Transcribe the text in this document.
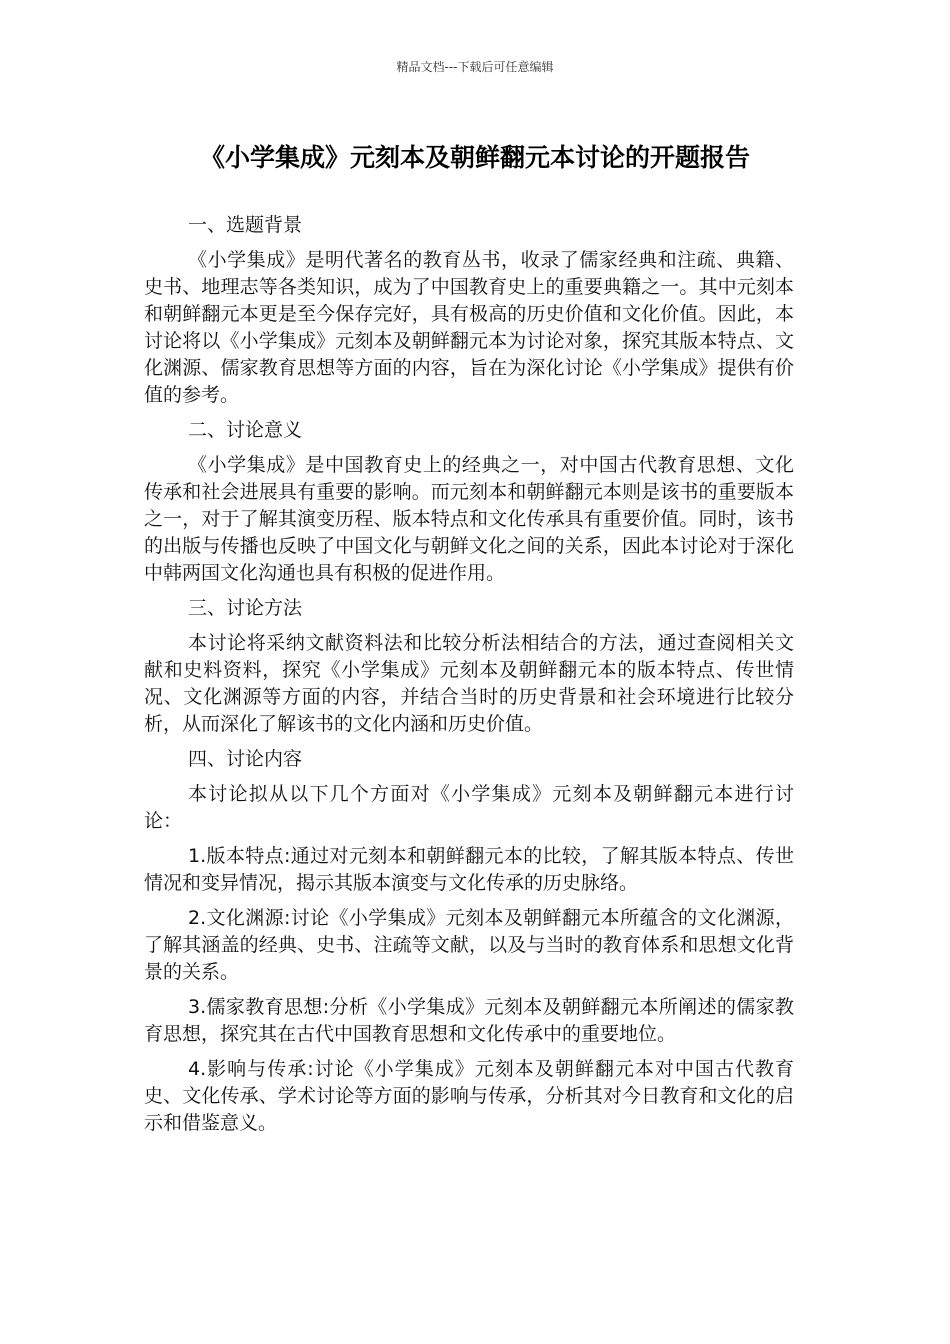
精品文档---下载后可任意编辑
《小学集成》元刻本及朝鲜翻元本讨论的开题报告

一、选题背景

《小学集成》是明代著名的教育丛书，收录了儒家经典和注疏、典籍、史书、地理志等各类知识，成为了中国教育史上的重要典籍之一。其中元刻本和朝鲜翻元本更是至今保存完好，具有极高的历史价值和文化价值。因此，本讨论将以《小学集成》元刻本及朝鲜翻元本为讨论对象，探究其版本特点、文化渊源、儒家教育思想等方面的内容，旨在为深化讨论《小学集成》提供有价值的参考。

二、讨论意义

《小学集成》是中国教育史上的经典之一，对中国古代教育思想、文化传承和社会进展具有重要的影响。而元刻本和朝鲜翻元本则是该书的重要版本之一，对于了解其演变历程、版本特点和文化传承具有重要价值。同时，该书的出版与传播也反映了中国文化与朝鲜文化之间的关系，因此本讨论对于深化中韩两国文化沟通也具有积极的促进作用。

三、讨论方法

本讨论将采纳文献资料法和比较分析法相结合的方法，通过查阅相关文献和史料资料，探究《小学集成》元刻本及朝鲜翻元本的版本特点、传世情况、文化渊源等方面的内容，并结合当时的历史背景和社会环境进行比较分析，从而深化了解该书的文化内涵和历史价值。

四、讨论内容

本讨论拟从以下几个方面对《小学集成》元刻本及朝鲜翻元本进行讨论：

1.版本特点:通过对元刻本和朝鲜翻元本的比较，了解其版本特点、传世情况和变异情况，揭示其版本演变与文化传承的历史脉络。

2.文化渊源:讨论《小学集成》元刻本及朝鲜翻元本所蕴含的文化渊源，了解其涵盖的经典、史书、注疏等文献，以及与当时的教育体系和思想文化背景的关系。

3.儒家教育思想:分析《小学集成》元刻本及朝鲜翻元本所阐述的儒家教育思想，探究其在古代中国教育思想和文化传承中的重要地位。

4.影响与传承:讨论《小学集成》元刻本及朝鲜翻元本对中国古代教育史、文化传承、学术讨论等方面的影响与传承，分析其对今日教育和文化的启示和借鉴意义。
